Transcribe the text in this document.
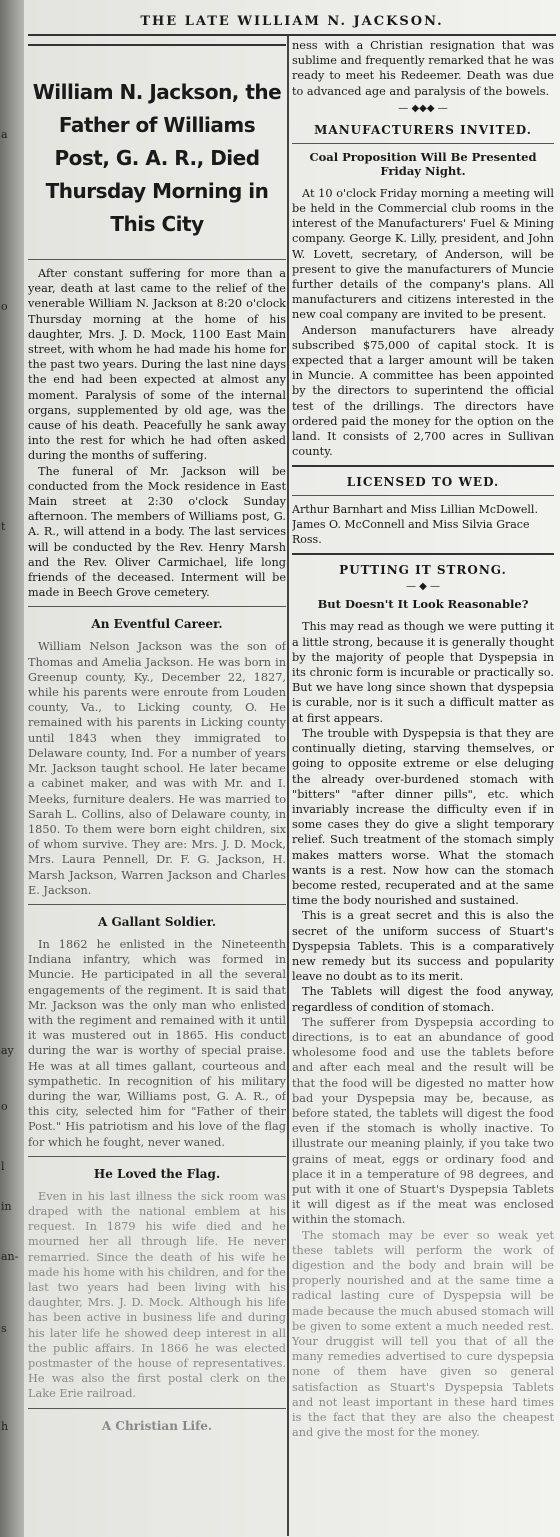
a
o
t
ay
o
l
in
an-
s
h
THE LATE WILLIAM N. JACKSON.
William N. Jackson, the Father of Williams Post, G. A. R., Died Thursday Morning in This City

After constant suffering for more than a year, death at last came to the relief of the venerable William N. Jackson at 8:20 o'clock Thursday morning at the home of his daughter, Mrs. J. D. Mock, 1100 East Main street, with whom he had made his home for the past two years. During the last nine days the end had been expected at almost any moment. Paralysis of some of the internal organs, supplemented by old age, was the cause of his death. Peacefully he sank away into the rest for which he had often asked during the months of suffering.

The funeral of Mr. Jackson will be conducted from the Mock residence in East Main street at 2:30 o'clock Sunday afternoon. The members of Williams post, G. A. R., will attend in a body. The last services will be conducted by the Rev. Henry Marsh and the Rev. Oliver Carmichael, life long friends of the deceased. Interment will be made in Beech Grove cemetery.

An Eventful Career.

William Nelson Jackson was the son of Thomas and Amelia Jackson. He was born in Greenup county, Ky., December 22, 1827, while his parents were enroute from Louden county, Va., to Licking county, O. He remained with his parents in Licking county until 1843 when they immigrated to Delaware county, Ind. For a number of years Mr. Jackson taught school. He later became a cabinet maker, and was with Mr. and I. Meeks, furniture dealers. He was married to Sarah L. Collins, also of Delaware county, in 1850. To them were born eight children, six of whom survive. They are: Mrs. J. D. Mock, Mrs. Laura Pennell, Dr. F. G. Jackson, H. Marsh Jackson, Warren Jackson and Charles E. Jackson.

A Gallant Soldier.

In 1862 he enlisted in the Nineteenth Indiana infantry, which was formed in Muncie. He participated in all the several engagements of the regiment. It is said that Mr. Jackson was the only man who enlisted with the regiment and remained with it until it was mustered out in 1865. His conduct during the war is worthy of special praise. He was at all times gallant, courteous and sympathetic. In recognition of his military during the war, Williams post, G. A. R., of this city, selected him for "Father of their Post." His patriotism and his love of the flag for which he fought, never waned.

He Loved the Flag.

Even in his last illness the sick room was draped with the national emblem at his request. In 1879 his wife died and he mourned her all through life. He never remarried. Since the death of his wife he made his home with his children, and for the last two years had been living with his daughter, Mrs. J. D. Mock. Although his life has been active in business life and during his later life he showed deep interest in all the public affairs. In 1866 he was elected postmaster of the house of representatives. He was also the first postal clerk on the Lake Erie railroad.

A Christian Life.

ness with a Christian resignation that was sublime and frequently remarked that he was ready to meet his Redeemer. Death was due to advanced age and paralysis of the bowels.

— ◆◆◆ —
MANUFACTURERS INVITED.
Coal Proposition Will Be Presented Friday Night.

At 10 o'clock Friday morning a meeting will be held in the Commercial club rooms in the interest of the Manufacturers' Fuel & Mining company. George K. Lilly, president, and John W. Lovett, secretary, of Anderson, will be present to give the manufacturers of Muncie further details of the company's plans. All manufacturers and citizens interested in the new coal company are invited to be present.

Anderson manufacturers have already subscribed $75,000 of capital stock. It is expected that a larger amount will be taken in Muncie. A committee has been appointed by the directors to superintend the official test of the drillings. The directors have ordered paid the money for the option on the land. It consists of 2,700 acres in Sullivan county.

LICENSED TO WED.

Arthur Barnhart and Miss Lillian McDowell.

James O. McConnell and Miss Silvia Grace Ross.

PUTTING IT STRONG.
— ◆ —
But Doesn't It Look Reasonable?

This may read as though we were putting it a little strong, because it is generally thought by the majority of people that Dyspepsia in its chronic form is incurable or practically so. But we have long since shown that dyspepsia is curable, nor is it such a difficult matter as at first appears.

The trouble with Dyspepsia is that they are continually dieting, starving themselves, or going to opposite extreme or else deluging the already over-burdened stomach with "bitters" "after dinner pills", etc. which invariably increase the difficulty even if in some cases they do give a slight temporary relief. Such treatment of the stomach simply makes matters worse. What the stomach wants is a rest. Now how can the stomach become rested, recuperated and at the same time the body nourished and sustained.

This is a great secret and this is also the secret of the uniform success of Stuart's Dyspepsia Tablets. This is a comparatively new remedy but its success and popularity leave no doubt as to its merit.

The Tablets will digest the food anyway, regardless of condition of stomach.

The sufferer from Dyspepsia according to directions, is to eat an abundance of good wholesome food and use the tablets before and after each meal and the result will be that the food will be digested no matter how bad your Dyspepsia may be, because, as before stated, the tablets will digest the food even if the stomach is wholly inactive. To illustrate our meaning plainly, if you take two grains of meat, eggs or ordinary food and place it in a temperature of 98 degrees, and put with it one of Stuart's Dyspepsia Tablets it will digest as if the meat was enclosed within the stomach.

The stomach may be ever so weak yet these tablets will perform the work of digestion and the body and brain will be properly nourished and at the same time a radical lasting cure of Dyspepsia will be made because the much abused stomach will be given to some extent a much needed rest. Your druggist will tell you that of all the many remedies advertised to cure dyspepsia none of them have given so general satisfaction as Stuart's Dyspepsia Tablets and not least important in these hard times is the fact that they are also the cheapest and give the most for the money.
